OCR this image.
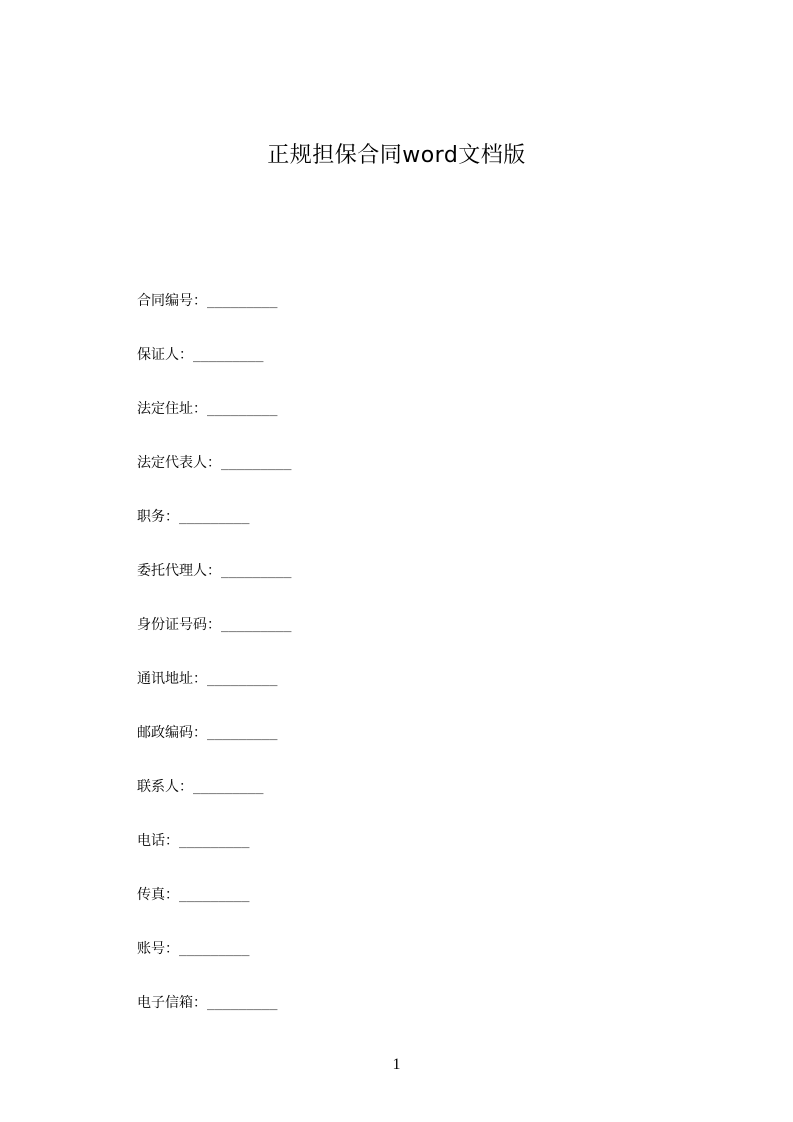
正规担保合同word文档版
合同编号：_________
保证人：_________
法定住址：_________
法定代表人：_________
职务：_________
委托代理人：_________
身份证号码：_________
通讯地址：_________
邮政编码：_________
联系人：_________
电话：_________
传真：_________
账号：_________
电子信箱：_________
1
